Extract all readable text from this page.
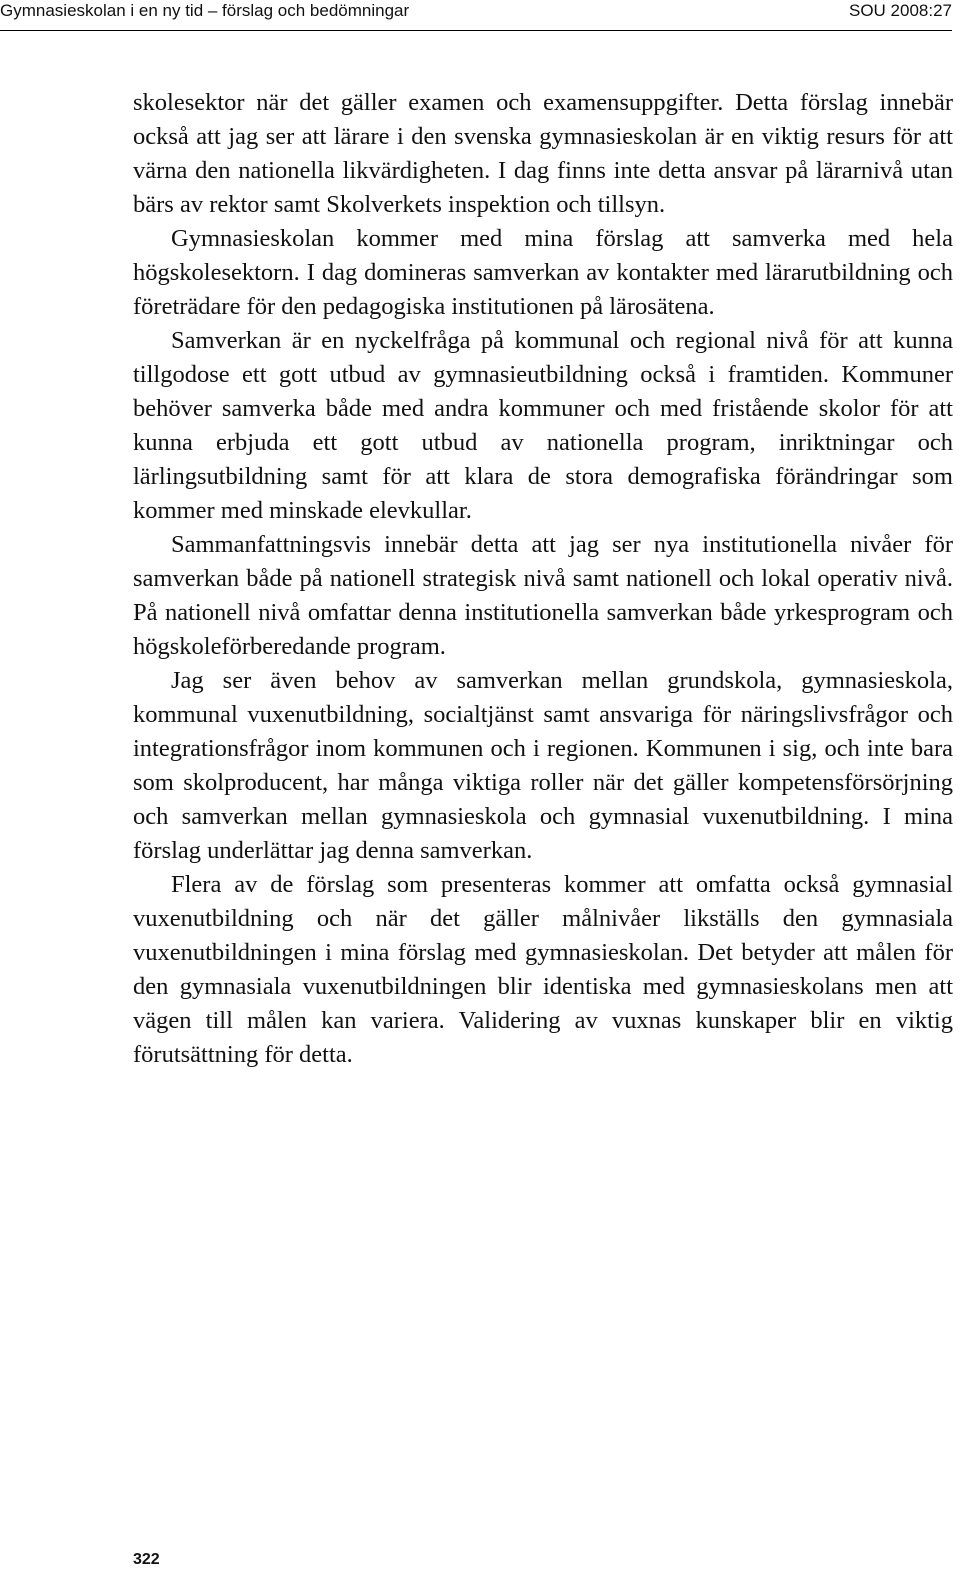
Gymnasieskolan i en ny tid – förslag och bedömningar	SOU 2008:27

skolesektor när det gäller examen och examensuppgifter. Detta förslag innebär också att jag ser att lärare i den svenska gymnasieskolan är en viktig resurs för att värna den nationella likvärdigheten. I dag finns inte detta ansvar på lärarnivå utan bärs av rektor samt Skolverkets inspektion och tillsyn.

Gymnasieskolan kommer med mina förslag att samverka med hela högskolesektorn. I dag domineras samverkan av kontakter med lärarutbildning och företrädare för den pedagogiska institutionen på lärosätena.

Samverkan är en nyckelfråga på kommunal och regional nivå för att kunna tillgodose ett gott utbud av gymnasieutbildning också i framtiden. Kommuner behöver samverka både med andra kommuner och med fristående skolor för att kunna erbjuda ett gott utbud av nationella program, inriktningar och lärlingsutbildning samt för att klara de stora demografiska förändringar som kommer med minskade elevkullar.

Sammanfattningsvis innebär detta att jag ser nya institutionella nivåer för samverkan både på nationell strategisk nivå samt nationell och lokal operativ nivå. På nationell nivå omfattar denna institutionella samverkan både yrkesprogram och högskoleförberedande program.

Jag ser även behov av samverkan mellan grundskola, gymnasieskola, kommunal vuxenutbildning, socialtjänst samt ansvariga för näringslivsfrågor och integrationsfrågor inom kommunen och i regionen. Kommunen i sig, och inte bara som skolproducent, har många viktiga roller när det gäller kompetensförsörjning och samverkan mellan gymnasieskola och gymnasial vuxenutbildning. I mina förslag underlättar jag denna samverkan.

Flera av de förslag som presenteras kommer att omfatta också gymnasial vuxenutbildning och när det gäller målnivåer likställs den gymnasiala vuxenutbildningen i mina förslag med gymnasieskolan. Det betyder att målen för den gymnasiala vuxenutbildningen blir identiska med gymnasieskolans men att vägen till målen kan variera. Validering av vuxnas kunskaper blir en viktig förutsättning för detta.

322
